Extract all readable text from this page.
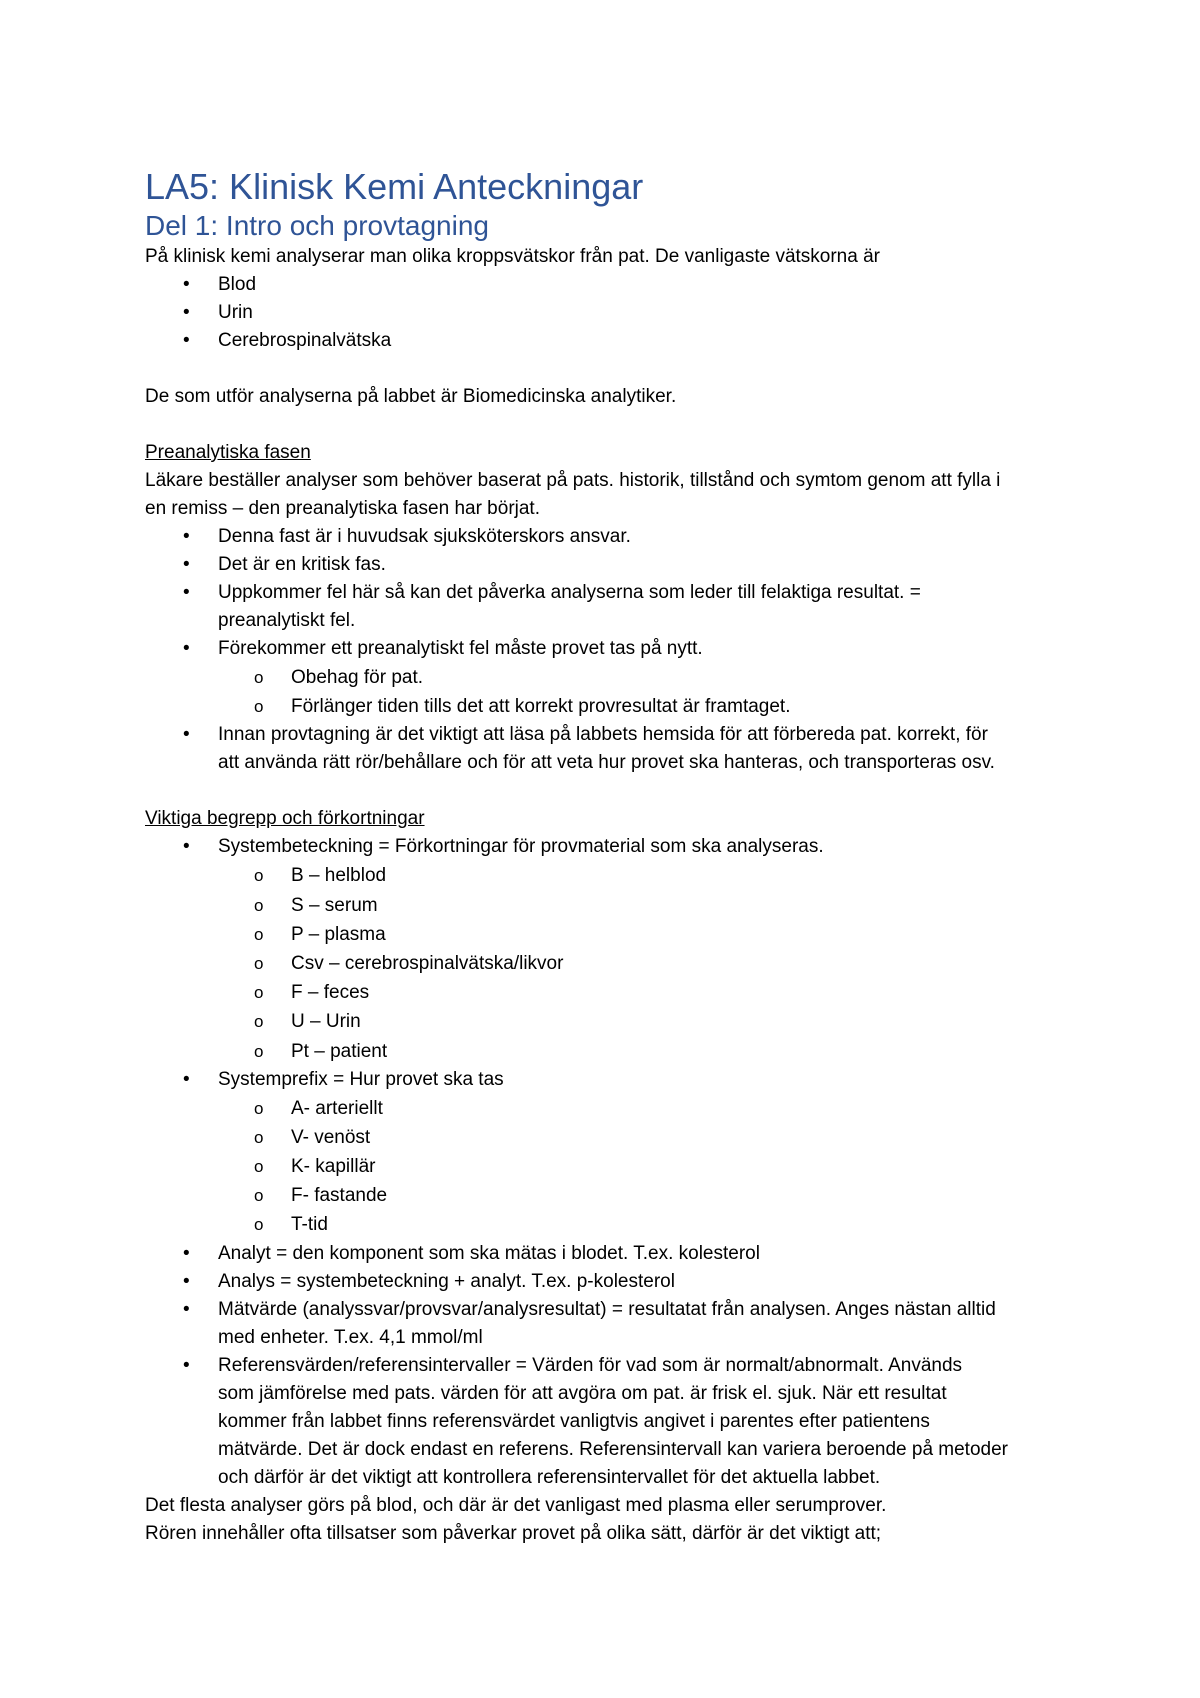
LA5: Klinisk Kemi Anteckningar
Del 1: Intro och provtagning
På klinisk kemi analyserar man olika kroppsvätskor från pat. De vanligaste vätskorna är
• Blod
• Urin
• Cerebrospinalvätska
De som utför analyserna på labbet är Biomedicinska analytiker.
Preanalytiska fasen
Läkare beställer analyser som behöver baserat på pats. historik, tillstånd och symtom genom att fylla i
en remiss – den preanalytiska fasen har börjat.
• Denna fast är i huvudsak sjuksköterskors ansvar.
• Det är en kritisk fas.
• Uppkommer fel här så kan det påverka analyserna som leder till felaktiga resultat. =
preanalytiskt fel.
• Förekommer ett preanalytiskt fel måste provet tas på nytt.
o Obehag för pat.
o Förlänger tiden tills det att korrekt provresultat är framtaget.
• Innan provtagning är det viktigt att läsa på labbets hemsida för att förbereda pat. korrekt, för
att använda rätt rör/behållare och för att veta hur provet ska hanteras, och transporteras osv.
Viktiga begrepp och förkortningar
• Systembeteckning = Förkortningar för provmaterial som ska analyseras.
o B – helblod
o S – serum
o P – plasma
o Csv – cerebrospinalvätska/likvor
o F – feces
o U – Urin
o Pt – patient
• Systemprefix = Hur provet ska tas
o A- arteriellt
o V- venöst
o K- kapillär
o F- fastande
o T-tid
• Analyt = den komponent som ska mätas i blodet. T.ex. kolesterol
• Analys = systembeteckning + analyt. T.ex. p-kolesterol
• Mätvärde (analyssvar/provsvar/analysresultat) = resultatat från analysen. Anges nästan alltid
med enheter. T.ex. 4,1 mmol/ml
• Referensvärden/referensintervaller = Värden för vad som är normalt/abnormalt. Används
som jämförelse med pats. värden för att avgöra om pat. är frisk el. sjuk. När ett resultat
kommer från labbet finns referensvärdet vanligtvis angivet i parentes efter patientens
mätvärde. Det är dock endast en referens. Referensintervall kan variera beroende på metoder
och därför är det viktigt att kontrollera referensintervallet för det aktuella labbet.
Det flesta analyser görs på blod, och där är det vanligast med plasma eller serumprover.
Rören innehåller ofta tillsatser som påverkar provet på olika sätt, därför är det viktigt att;
